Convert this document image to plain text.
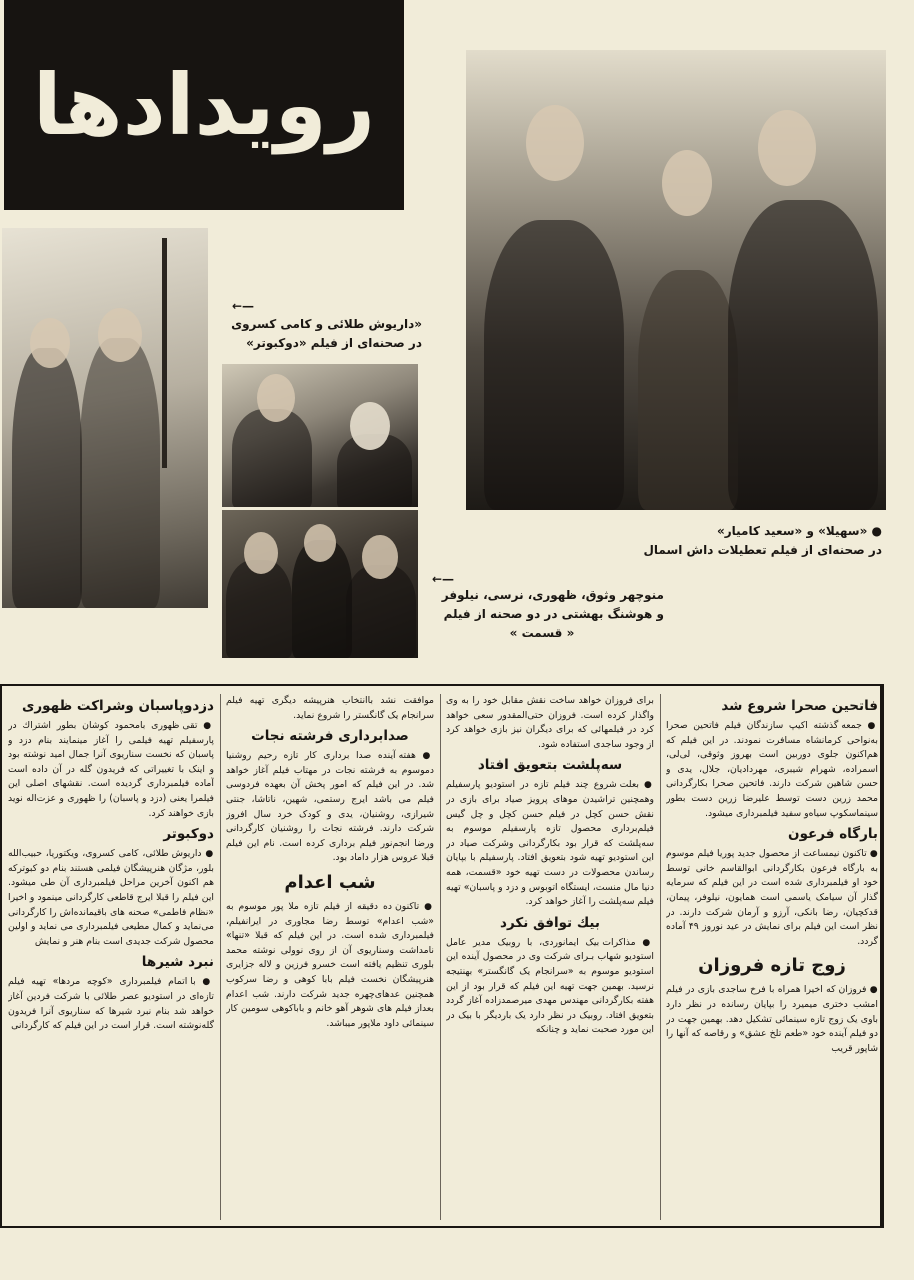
رویدادها
←—
«داریوش طلائی و کامی کسروی
در صحنه‌ای از فیلم «دوکبوتر»
←—
منوچهر وثوق، ظهوری، نرسی، نیلوفر
و هوشنگ بهشتی در دو صحنه از فیلم
« قسمت »
● «سهیلا» و «سعید کامیار»
در صحنه‌ای از فیلم تعطیلات داش اسمال
فاتحین صحرا شروع شد
● جمعه گذشته اکیپ سازندگان فیلم فاتحین صحرا به‌نواحی کرمانشاه مسافرت نمودند. در این فیلم که هم‌اکنون جلوی دوربین است بهروز وثوقی، لی‌لی، اسمراده، شهرام شیبری، مهردادیان، جلال، یدی و حسن شاهین شرکت دارند. فاتحین صحرا بکارگردانی محمد زرین دست توسط علیرضا زرین دست بطور سینماسکوپ سیاه‌و سفید فیلمبرداری میشود.
بارگاه فرعون
● تاکنون نیمساعت از محصول جدید پوریا فیلم موسوم به بارگاه فرعون بکارگردانی ابوالقاسم خانی توسط خود او فیلمبرداری شده است در این فیلم که سرمایه گذار آن سیامک یاسمی است همایون، نیلوفر، پیمان، قدکچیان، رضا بانکی، آرزو و آرمان شرکت دارند. در نظر است این فیلم برای نمایش در عید نوروز ۴۹ آماده گردد.
زوج تازه فروزان
● فروزان که اخیرا همراه با فرخ ساجدی بازی در فیلم امشب دختری میمیرد را بپایان رسانده در نظر دارد باوی یک زوج تازه سینمائی تشکیل دهد. بهمین جهت در دو فیلم آینده خود «طعم تلخ عشق» و رقاصه که آنها را شاپور قریب
برای فروزان خواهد ساخت نقش مقابل خود را به وی واگذار کرده است. فروزان حتی‌المقدور سعی خواهد کرد در فیلمهائی که برای دیگران نیز بازی خواهد کرد از وجود ساجدی استفاده شود.
سه‌پلشت بتعویق افتاد
● بعلت شروع چند فیلم تازه در استودیو پارسفیلم وهمچنین تراشیدن موهای پرویز صیاد برای بازی در نقش حسن کچل در فیلم حسن کچل و چل گیس فیلم‌برداری محصول تازه پارسفیلم موسوم به سه‌پلشت که قرار بود بکارگردانی وشرکت صیاد در این استودیو تهیه شود بتعویق افتاد. پارسفیلم با بپایان رساندن محصولات در دست تهیه خود «قسمت، همه دنیا مال منست، ایستگاه اتوبوس و دزد و پاسبان» تهیه فیلم سه‌پلشت را آغاز خواهد کرد.
بیك توافق نكرد
● مذاکرات بیک ایمانوردی، با روبیک مدیر عامل استودیو شهاب بـرای شرکت وی در محصول آینده این استودیو موسوم به «سرانجام یک گانگستر» بهنتیجه نرسید. بهمین جهت تهیه این فیلم که قرار بود از این هفته بکارگردانی مهندس مهدی میرصمدزاده آغاز گردد بتعویق افتاد. روبیک در نظر دارد یک باردیگر با بیک در این مورد صحبت نماید و چنانکه
موافقت نشد باانتخاب هنرپیشه دیگری تهیه فیلم سرانجام یک گانگستر را شروع نماید.
صدابرداری فرشته نجات
● هفته آینده صدا برداری کار تازه رحیم روشنیا دموسوم به فرشته نجات در مهتاب فیلم آغاز خواهد شد. در این فیلم که امور پخش آن بعهده فردوسی فیلم می باشد ایرج رستمی، شهین، ناتاشا، جنتی شیرازی، روشنیان، یدی و کودک خرد سال افروز شرکت دارند. فرشته نجات را روشنیان کارگردانی ورضا انجم‌نور فیلم برداری کرده است. نام این فیلم قبلا عروس هزار داماد بود.
شب اعدام
● تاکنون ده دقیقه از فیلم تازه ملا پور موسوم به «شب اعدام» توسط رضا مجاوری در ایرانفیلم، فیلمبرداری شده است. در این فیلم که قبلا «تنها» نامداشت وسناریوی آن از روی نوولی نوشته محمد بلوری تنظیم یافته است خسرو فرزین و لاله جزایری هنرپیشگان نخست فیلم بابا کوهی و رضا سرکوب همچنین عدهای‌چهره جدید شرکت دارند. شب اعدام بعداز فیلم های شوهر آهو خانم و باباکوهی سومین کار سینمائی داود ملاپور میباشد.
دزدوپاسبان وشراکت ظهوری
● تقی ظهوری بامحمود کوشان بطور اشتراك در پارسفیلم تهیه فیلمی را آغاز مینمایند بنام دزد و پاسبان که نخست سناریوی آنرا جمال امید نوشته بود و اینک با تغییراتی که فریدون گله در آن داده است آماده فیلمبرداری گردیده است. نقشهای اصلی این فیلمرا یعنی (دزد و پاسبان) را ظهوری و عزت‌اله نوید بازی خواهند کرد.
دوکبوتر
● داریوش طلائی، کامی کسروی، ویکتوریا، حبیب‌الله بلور، مژگان هنرپیشگان فیلمی هستند بنام دو کبوترکه هم اکنون آخرین مراحل فیلمبرداری آن طی میشود. این فیلم را قبلا ایرج قاطعی کارگردانی مینمود و اخیرا «نظام فاطمی» صحنه های باقیمانده‌اش را کارگردانی می‌نماید و کمال مطیعی فیلمبرداری می نماید و اولین محصول شرکت جدیدی است بنام هنر و نمایش
نبرد شیرها
● با اتمام فیلمبرداری «کوچه مردها» تهیه فیلم تازه‌ای در استودیو عصر طلائی با شرکت فردین آغاز خواهد شد بنام نبرد شیرها که سناریوی آنرا فریدون گله‌نوشته است. قرار است در این فیلم که کارگردانی
